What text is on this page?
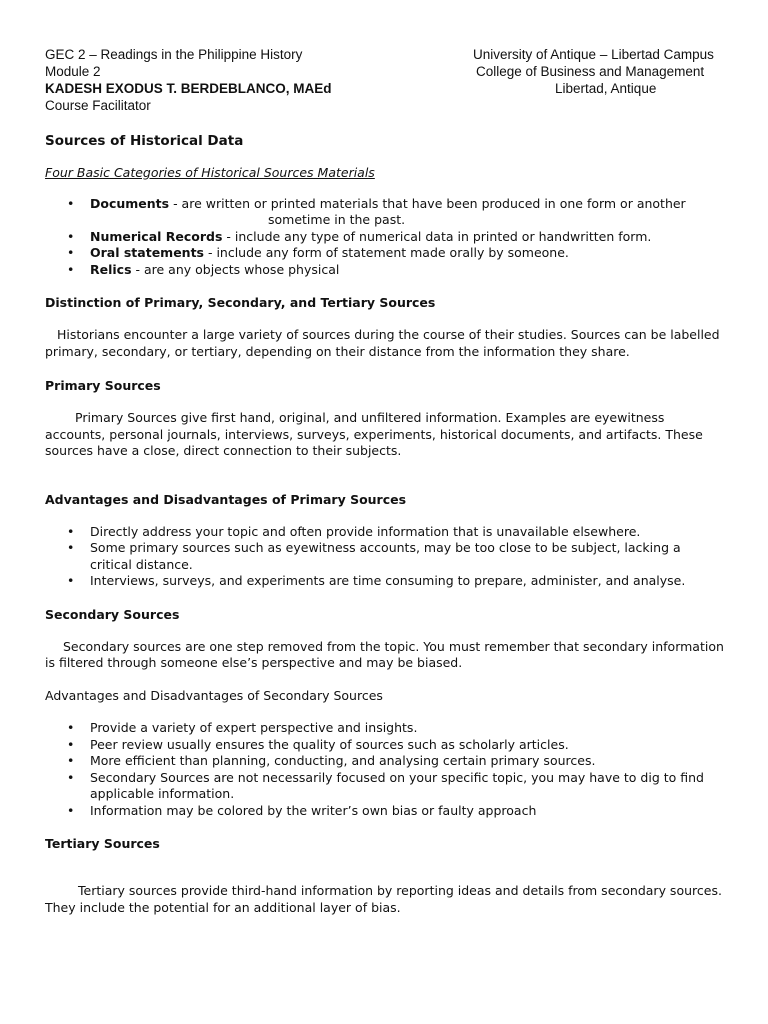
GEC 2 – Readings in the Philippine History
Module 2
KADESH EXODUS T. BERDEBLANCO, MAEd
Course Facilitator
University of Antique – Libertad Campus
College of Business and Management
Libertad, Antique
Sources of Historical Data
Four Basic Categories of Historical Sources Materials
• Documents - are written or printed materials that have been produced in one form or another
sometime in the past.
• Numerical Records - include any type of numerical data in printed or handwritten form.
• Oral statements - include any form of statement made orally by someone.
• Relics - are any objects whose physical
Distinction of Primary, Secondary, and Tertiary Sources

Historians encounter a large variety of sources during the course of their studies. Sources can be labelled primary, secondary, or tertiary, depending on their distance from the information they share.

Primary Sources

Primary Sources give first hand, original, and unfiltered information. Examples are eyewitness accounts, personal journals, interviews, surveys, experiments, historical documents, and artifacts. These sources have a close, direct connection to their subjects.

Advantages and Disadvantages of Primary Sources
• Directly address your topic and often provide information that is unavailable elsewhere.
• Some primary sources such as eyewitness accounts, may be too close to be subject, lacking a critical distance.
• Interviews, surveys, and experiments are time consuming to prepare, administer, and analyse.
Secondary Sources

Secondary sources are one step removed from the topic. You must remember that secondary information is filtered through someone else’s perspective and may be biased.

Advantages and Disadvantages of Secondary Sources
• Provide a variety of expert perspective and insights.
• Peer review usually ensures the quality of sources such as scholarly articles.
• More efficient than planning, conducting, and analysing certain primary sources.
• Secondary Sources are not necessarily focused on your specific topic, you may have to dig to find applicable information.
• Information may be colored by the writer’s own bias or faulty approach
Tertiary Sources

Tertiary sources provide third-hand information by reporting ideas and details from secondary sources. They include the potential for an additional layer of bias.
